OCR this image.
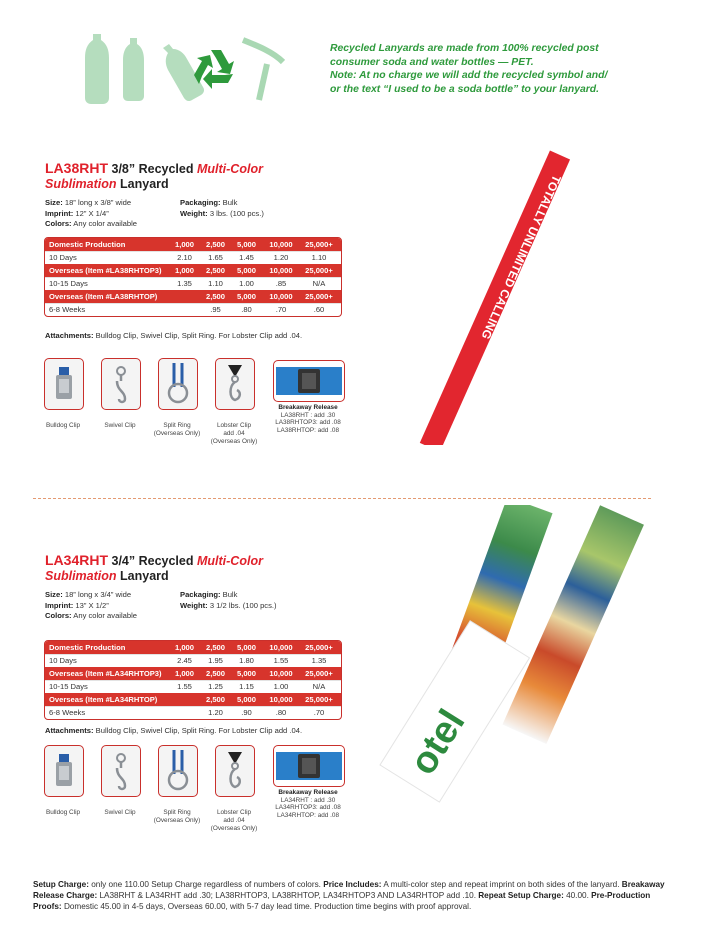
Recycled Lanyards are made from 100% recycled post
consumer soda and water bottles — PET.
Note: At no charge we will add the recycled symbol and/
or the text “I used to be a soda bottle” to your lanyard.
LA38RHT 3/8” Recycled Multi-Color
Sublimation Lanyard
Size: 18” long x 3/8” wide
Imprint: 12” X 1/4”
Colors: Any color available
Packaging: Bulk
Weight: 3 lbs. (100 pcs.)
Domestic Production	1,000	2,500	5,000	10,000	25,000+
10 Days	2.10	1.65	1.45	1.20	1.10
Overseas (Item #LA38RHTOP3)	1,000	2,500	5,000	10,000	25,000+
10-15 Days	1.35	1.10	1.00	.85	N/A
Overseas (Item #LA38RHTOP)	2,500	5,000	10,000	25,000+
6-8 Weeks	.95	.80	.70	.60
Attachments: Bulldog Clip, Swivel Clip, Split Ring. For Lobster Clip add .04.
Bulldog Clip	Swivel Clip	Split Ring
(Overseas Only)
Lobster Clip
add .04
(Overseas Only)
Breakaway Release
LA38RHT : add .30
LA38RHTOP3: add .08
LA38RHTOP: add .08
TOTALLY UNLIMITED CALLING
LA34RHT 3/4” Recycled Multi-Color
Sublimation Lanyard
Size: 18” long x 3/4” wide
Imprint: 13” X 1/2”
Colors: Any color available
Packaging: Bulk
Weight: 3 1/2 lbs. (100 pcs.)
Domestic Production	1,000	2,500	5,000	10,000	25,000+
10 Days	2.45	1.95	1.80	1.55	1.35
Overseas (Item #LA34RHTOP3)	1,000	2,500	5,000	10,000	25,000+
10-15 Days	1.55	1.25	1.15	1.00	N/A
Overseas (Item #LA34RHTOP)	2,500	5,000	10,000	25,000+
6-8 Weeks	1.20	.90	.80	.70
Attachments: Bulldog Clip, Swivel Clip, Split Ring. For Lobster Clip add .04.
Bulldog Clip	Swivel Clip	Split Ring
(Overseas Only)
Lobster Clip
add .04
(Overseas Only)
Breakaway Release
LA34RHT : add .30
LA34RHTOP3: add .08
LA34RHTOP: add .08
otel
Setup Charge: only one 110.00 Setup Charge regardless of numbers of colors. Price Includes: A multi-color step and repeat imprint on both sides of the lanyard. Breakaway Release Charge: LA38RHT & LA34RHT add .30; LA38RHTOP3, LA38RHTOP, LA34RHTOP3 AND LA34RHTOP add .10. Repeat Setup Charge: 40.00. Pre-Production Proofs: Domestic 45.00 in 4-5 days, Overseas 60.00, with 5-7 day lead time. Production time begins with proof approval.
